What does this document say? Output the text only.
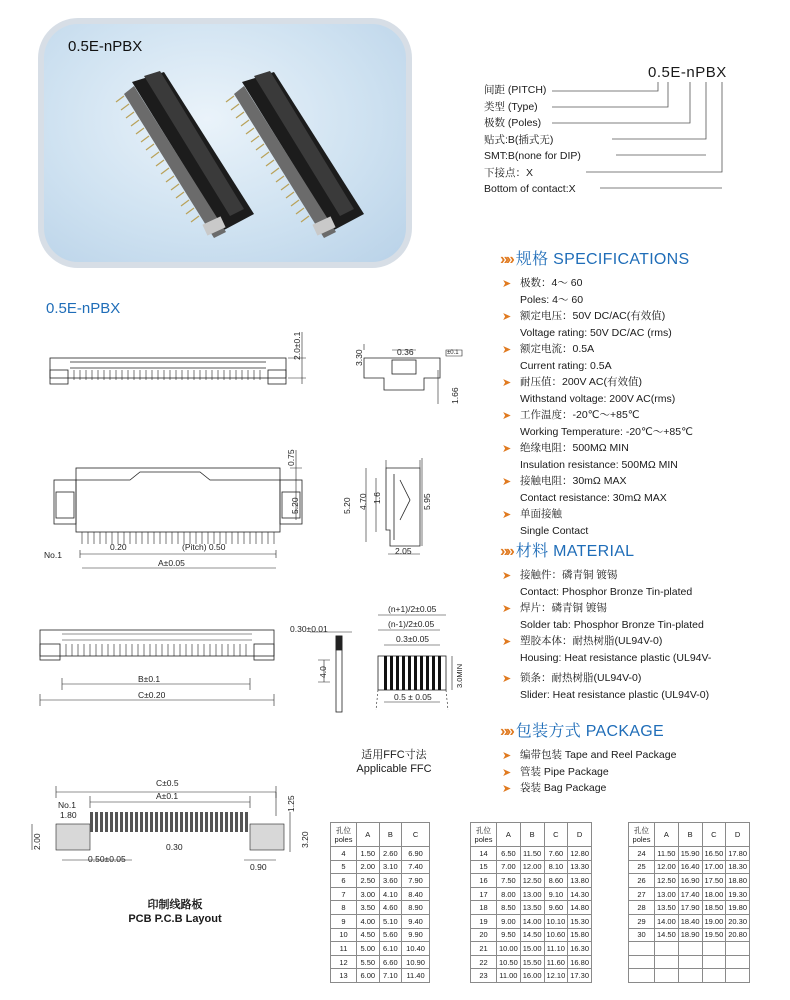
0.5E-nPBX
0.5E-nPBX
间距 (PITCH)
类型 (Type)
极数 (Poles)
贴式:B(插式无)
SMT:B(none for DIP)
下接点：X
Bottom of contact:X
0.5E-nPBX
»» 规格 SPECIFICATIONS
➤ 极数：4～ 60
Poles: 4～ 60
➤ 额定电压：50V DC/AC(有效值)
Voltage rating: 50V DC/AC (rms)
➤ 额定电流：0.5A
Current rating: 0.5A
➤ 耐压值：200V AC(有效值)
Withstand voltage: 200V AC(rms)
➤ 工作温度：-20℃～+85℃
Working Temperature: -20℃～+85℃
➤ 绝缘电阻：500MΩ MIN
Insulation resistance: 500MΩ MIN
➤ 接触电阻：30mΩ MAX
Contact resistance: 30mΩ MAX
➤ 单面接触
Single Contact
»» 材料 MATERIAL
➤ 接触件：磷青铜 镀锡
Contact: Phosphor Bronze Tin-plated
➤ 焊片：磷青铜 镀锡
Solder tab: Phosphor Bronze Tin-plated
➤ 塑胶本体：耐热树脂(UL94V-0)
Housing: Heat resistance plastic (UL94V-
➤ 锁条：耐热树脂(UL94V-0)
Slider: Heat resistance plastic (UL94V-0)
»» 包装方式 PACKAGE
➤ 编带包装 Tape and Reel Package
➤ 管装 Pipe Package
➤ 袋装 Bag Package
2.0±0.1	3.30	0.36	±0.1
1.66
0.75
5.20	5.20 4.70 1.6	5.95
2.05
No.1
0.20	(Pitch) 0.50
A±0.05
B±0.1
C±0.20
0.30±0.01
4.0
(n+1)/2±0.05
(n-1)/2±0.05
0.3±0.05
0.5 ± 0.05
3.0MIN
适用FFC寸法
Applicable FFC
C±0.5
A±0.1
No.1
1.80
1.25
2.00	0.30
0.50±0.05
3.20
0.90
印制线路板
PCB P.C.B Layout
孔位
poles	A	B	C
4	1.50	2.60	6.90
5	2.00	3.10	7.40
6	2.50	3.60	7.90
7	3.00	4.10	8.40
8	3.50	4.60	8.90
9	4.00	5.10	9.40
10	4.50	5.60	9.90
11	5.00	6.10	10.40
12	5.50	6.60	10.90
13	6.00	7.10	11.40
孔位
poles	A	B	C	D
14	6.50	11.50	7.60	12.80
15	7.00	12.00	8.10	13.30
16	7.50	12.50	8.60	13.80
17	8.00	13.00	9.10	14.30
18	8.50	13.50	9.60	14.80
19	9.00	14.00	10.10	15.30
20	9.50	14.50	10.60	15.80
21	10.00	15.00	11.10	16.30
22	10.50	15.50	11.60	16.80
23	11.00	16.00	12.10	17.30
孔位
poles	A	B	C	D
24	11.50	15.90	16.50	17.80
25	12.00	16.40	17.00	18.30
26	12.50	16.90	17.50	18.80
27	13.00	17.40	18.00	19.30
28	13.50	17.90	18.50	19.80
29	14.00	18.40	19.00	20.30
30	14.50	18.90	19.50	20.80
